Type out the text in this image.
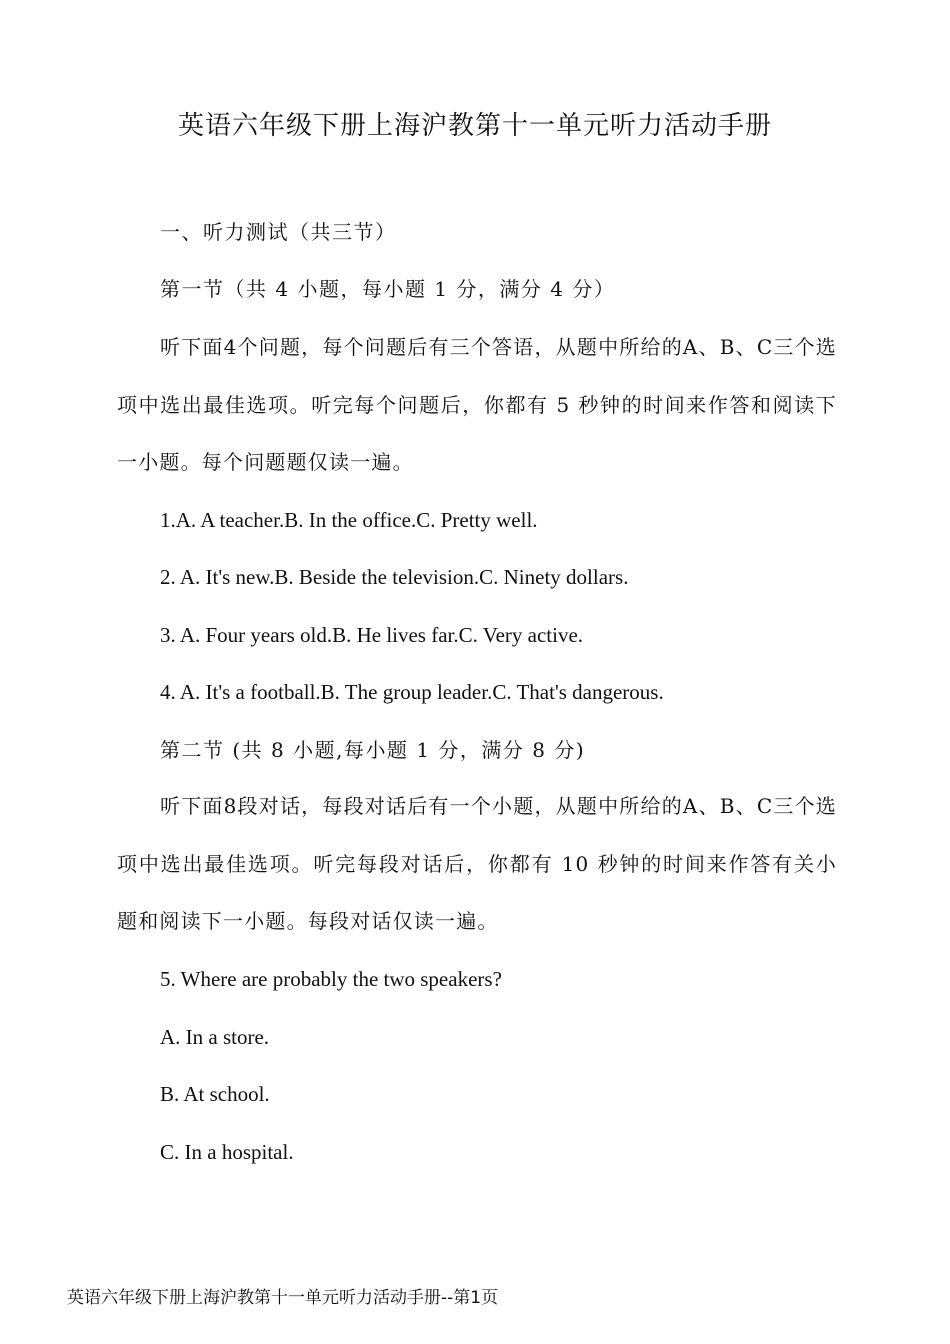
英语六年级下册上海沪教第十一单元听力活动手册
一、听力测试（共三节）
第一节（共 4 小题，每小题 1 分，满分 4 分）
听下面4个问题，每个问题后有三个答语，从题中所给的A、B、C三个选项中选出最佳选项。听完每个问题后，你都有 5 秒钟的时间来作答和阅读下一小题。每个问题题仅读一遍。
1.A. A teacher.B. In the office.C. Pretty well.
2. A. It's new.B. Beside the television.C. Ninety dollars.
3. A. Four years old.B. He lives far.C. Very active.
4. A. It's a football.B. The group leader.C. That's dangerous.
第二节 (共 8 小题,每小题 1 分，满分 8 分)
听下面8段对话，每段对话后有一个小题，从题中所给的A、B、C三个选项中选出最佳选项。听完每段对话后，你都有 10 秒钟的时间来作答有关小题和阅读下一小题。每段对话仅读一遍。
5. Where are probably the two speakers?
A. In a store.
B. At school.
C. In a hospital.
英语六年级下册上海沪教第十一单元听力活动手册--第1页
